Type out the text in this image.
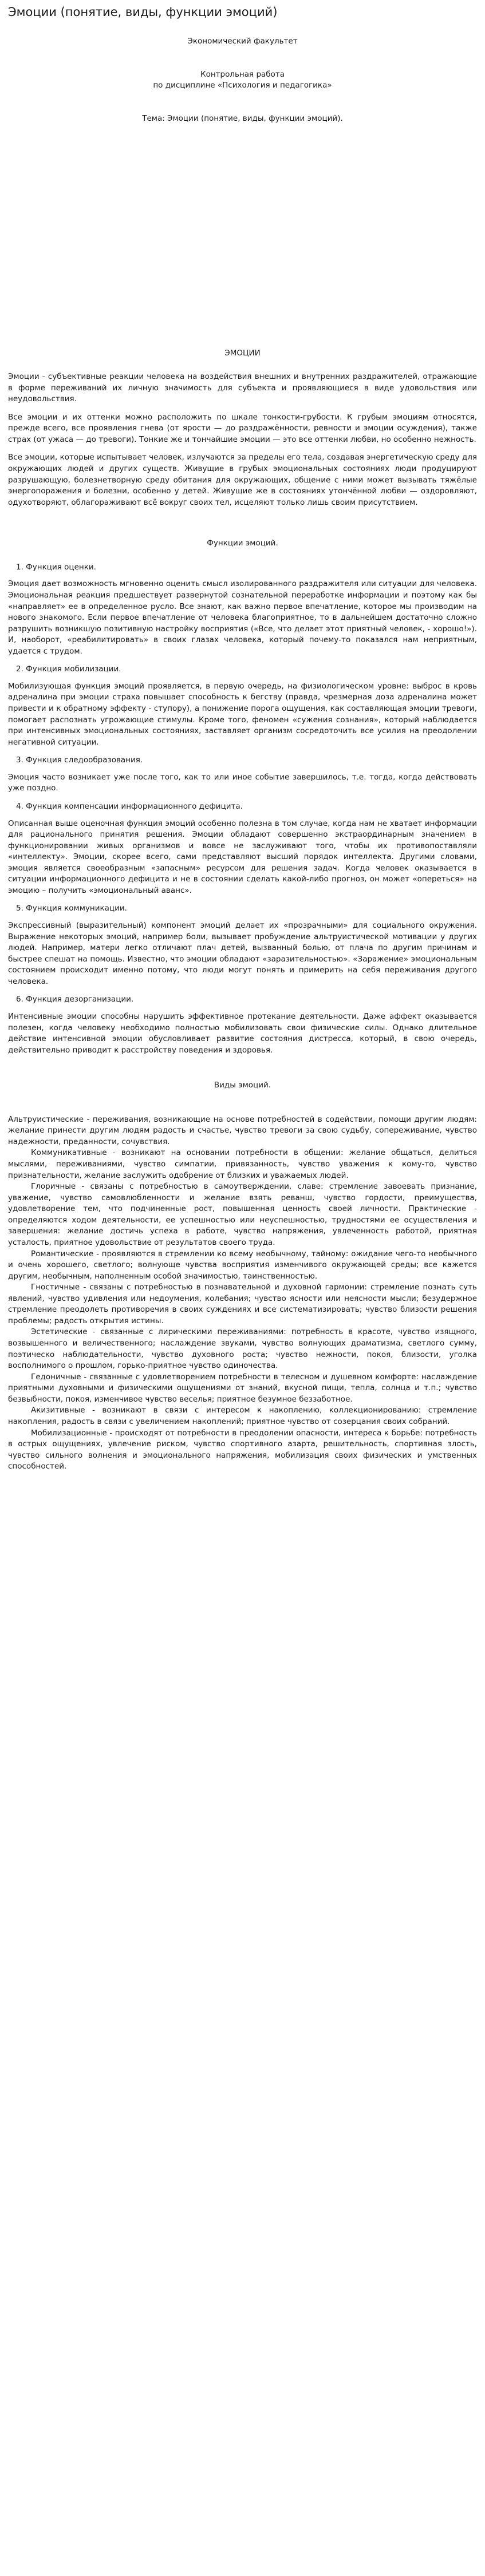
Эмоции (понятие, виды, функции эмоций)

Экономический факультет

Контрольная работа

по дисциплине «Психология и педагогика»

Тема: Эмоции (понятие, виды, функции эмоций).

ЭМОЦИИ

Эмоции - субъективные реакции человека на воздействия внешних и внутренних раздражителей, отражающие в форме переживаний их личную значимость для субъекта и проявляющиеся в виде удовольствия или неудовольствия.

Все эмоции и их оттенки можно расположить по шкале тонкости-грубости. К грубым эмоциям относятся, прежде всего, все проявления гнева (от ярости — до раздражённости, ревности и эмоции осуждения), также страх (от ужаса — до тревоги). Тонкие же и тончайшие эмоции — это все оттенки любви, но особенно нежность.

Все эмоции, которые испытывает человек, излучаются за пределы его тела, создавая энергетическую среду для окружающих людей и других существ. Живущие в грубых эмоциональных состояниях люди продуцируют разрушающую, болезнетворную среду обитания для окружающих, общение с ними может вызывать тяжёлые энергопоражения и болезни, особенно у детей. Живущие же в состояниях утончённой любви — оздоровляют, одухотворяют, облагораживают всё вокруг своих тел, исцеляют только лишь своим присутствием.

Функции эмоций.

1. Функция оценки.

Эмоция дает возможность мгновенно оценить смысл изолированного раздражителя или ситуации для человека. Эмоциональная реакция предшествует развернутой сознательной переработке информации и поэтому как бы «направляет» ее в определенное русло. Все знают, как важно первое впечатление, которое мы производим на нового знакомого. Если первое впечатление от человека благоприятное, то в дальнейшем достаточно сложно разрушить возникшую позитивную настройку восприятия («Все, что делает этот приятный человек, - хорошо!»). И, наоборот, «реабилитировать» в своих глазах человека, который почему-то показался нам неприятным, удается с трудом.

2. Функция мобилизации.

Мобилизующая функция эмоций проявляется, в первую очередь, на физиологическом уровне: выброс в кровь адреналина при эмоции страха повышает способность к бегству (правда, чрезмерная доза адреналина может привести и к обратному эффекту - ступору), а понижение порога ощущения, как составляющая эмоции тревоги, помогает распознать угрожающие стимулы. Кроме того, феномен «сужения сознания», который наблюдается при интенсивных эмоциональных состояниях, заставляет организм сосредоточить все усилия на преодолении негативной ситуации.

3. Функция следообразования.

Эмоция часто возникает уже после того, как то или иное событие завершилось, т.е. тогда, когда действовать уже поздно.

4. Функция компенсации информационного дефицита.

Описанная выше оценочная функция эмоций особенно полезна в том случае, когда нам не хватает информации для рационального принятия решения. Эмоции обладают совершенно экстраординарным значением в функционировании живых организмов и вовсе не заслуживают того, чтобы их противопоставляли «интеллекту». Эмоции, скорее всего, сами представляют высший порядок интеллекта. Другими словами, эмоция является своеобразным «запасным» ресурсом для решения задач. Когда человек оказывается в ситуации информационного дефицита и не в состоянии сделать какой-либо прогноз, он может «опереться» на эмоцию – получить «эмоциональный аванс».

5. Функция коммуникации.

Экспрессивный (выразительный) компонент эмоций делает их «прозрачными» для социального окружения. Выражение некоторых эмоций, например боли, вызывает пробуждение альтруистической мотивации у других людей. Например, матери легко отличают плач детей, вызванный болью, от плача по другим причинам и быстрее спешат на помощь. Известно, что эмоции обладают «заразительностью». «Заражение» эмоциональным состоянием происходит именно потому, что люди могут понять и примерить на себя переживания другого человека.

6. Функция дезорганизации.

Интенсивные эмоции способны нарушить эффективное протекание деятельности. Даже аффект оказывается полезен, когда человеку необходимо полностью мобилизовать свои физические силы. Однако длительное действие интенсивной эмоции обусловливает развитие состояния дистресса, который, в свою очередь, действительно приводит к расстройству поведения и здоровья.

Виды эмоций.

Альтруистические - переживания, возникающие на основе потребностей в содействии, помощи другим людям: желание принести другим людям радость и счастье, чувство тревоги за свою судьбу, сопереживание, чувство надежности, преданности, сочувствия.

Коммуникативные - возникают на основании потребности в общении: желание общаться, делиться мыслями, переживаниями, чувство симпатии, привязанность, чувство уважения к кому-то, чувство признательности, желание заслужить одобрение от близких и уважаемых людей.

Глоричные - связаны с потребностью в самоутверждении, славе: стремление завоевать признание, уважение, чувство самовлюбленности и желание взять реванш, чувство гордости, преимущества, удовлетворение тем, что подчиненные рост, повышенная ценность своей личности. Практические - определяются ходом деятельности, ее успешностью или неуспешностью, трудностями ее осуществления и завершения: желание достичь успеха в работе, чувство напряжения, увлеченность работой, приятная усталость, приятное удовольствие от результатов своего труда.

Романтические - проявляются в стремлении ко всему необычному, тайному: ожидание чего-то необычного и очень хорошего, светлого; волнующе чувства восприятия изменчивого окружающей среды; все кажется другим, необычным, наполненным особой значимостью, таинственностью.

Гностичные - связаны с потребностью в познавательной и духовной гармонии: стремление познать суть явлений, чувство удивления или недоумения, колебания; чувство ясности или неясности мысли; безудержное стремление преодолеть противоречия в своих суждениях и все систематизировать; чувство близости решения проблемы; радость открытия истины.

Эстетические - связанные с лирическими переживаниями: потребность в красоте, чувство изящного, возвышенного и величественного; наслаждение звуками, чувство волнующих драматизма, светлого сумму, поэтическо наблюдательности, чувство духовного роста; чувство нежности, покоя, близости, уголка восполнимого о прошлом, горько-приятное чувство одиночества.

Гедоничные - связанные с удовлетворением потребности в телесном и душевном комфорте: наслаждение приятными духовными и физическими ощущениями от знаний, вкусной пищи, тепла, солнца и т.п.; чувство безвыбности, покоя, изменчивое чувство веселья; приятное безумное беззаботное.

Акизитивные - возникают в связи с интересом к накоплению, коллекционированию: стремление накопления, радость в связи с увеличением накоплений; приятное чувство от созерцания своих собраний.

Мобилизационные - происходят от потребности в преодолении опасности, интереса к борьбе: потребность в острых ощущениях, увлечение риском, чувство спортивного азарта, решительность, спортивная злость, чувство сильного волнения и эмоционального напряжения, мобилизация своих физических и умственных способностей.
